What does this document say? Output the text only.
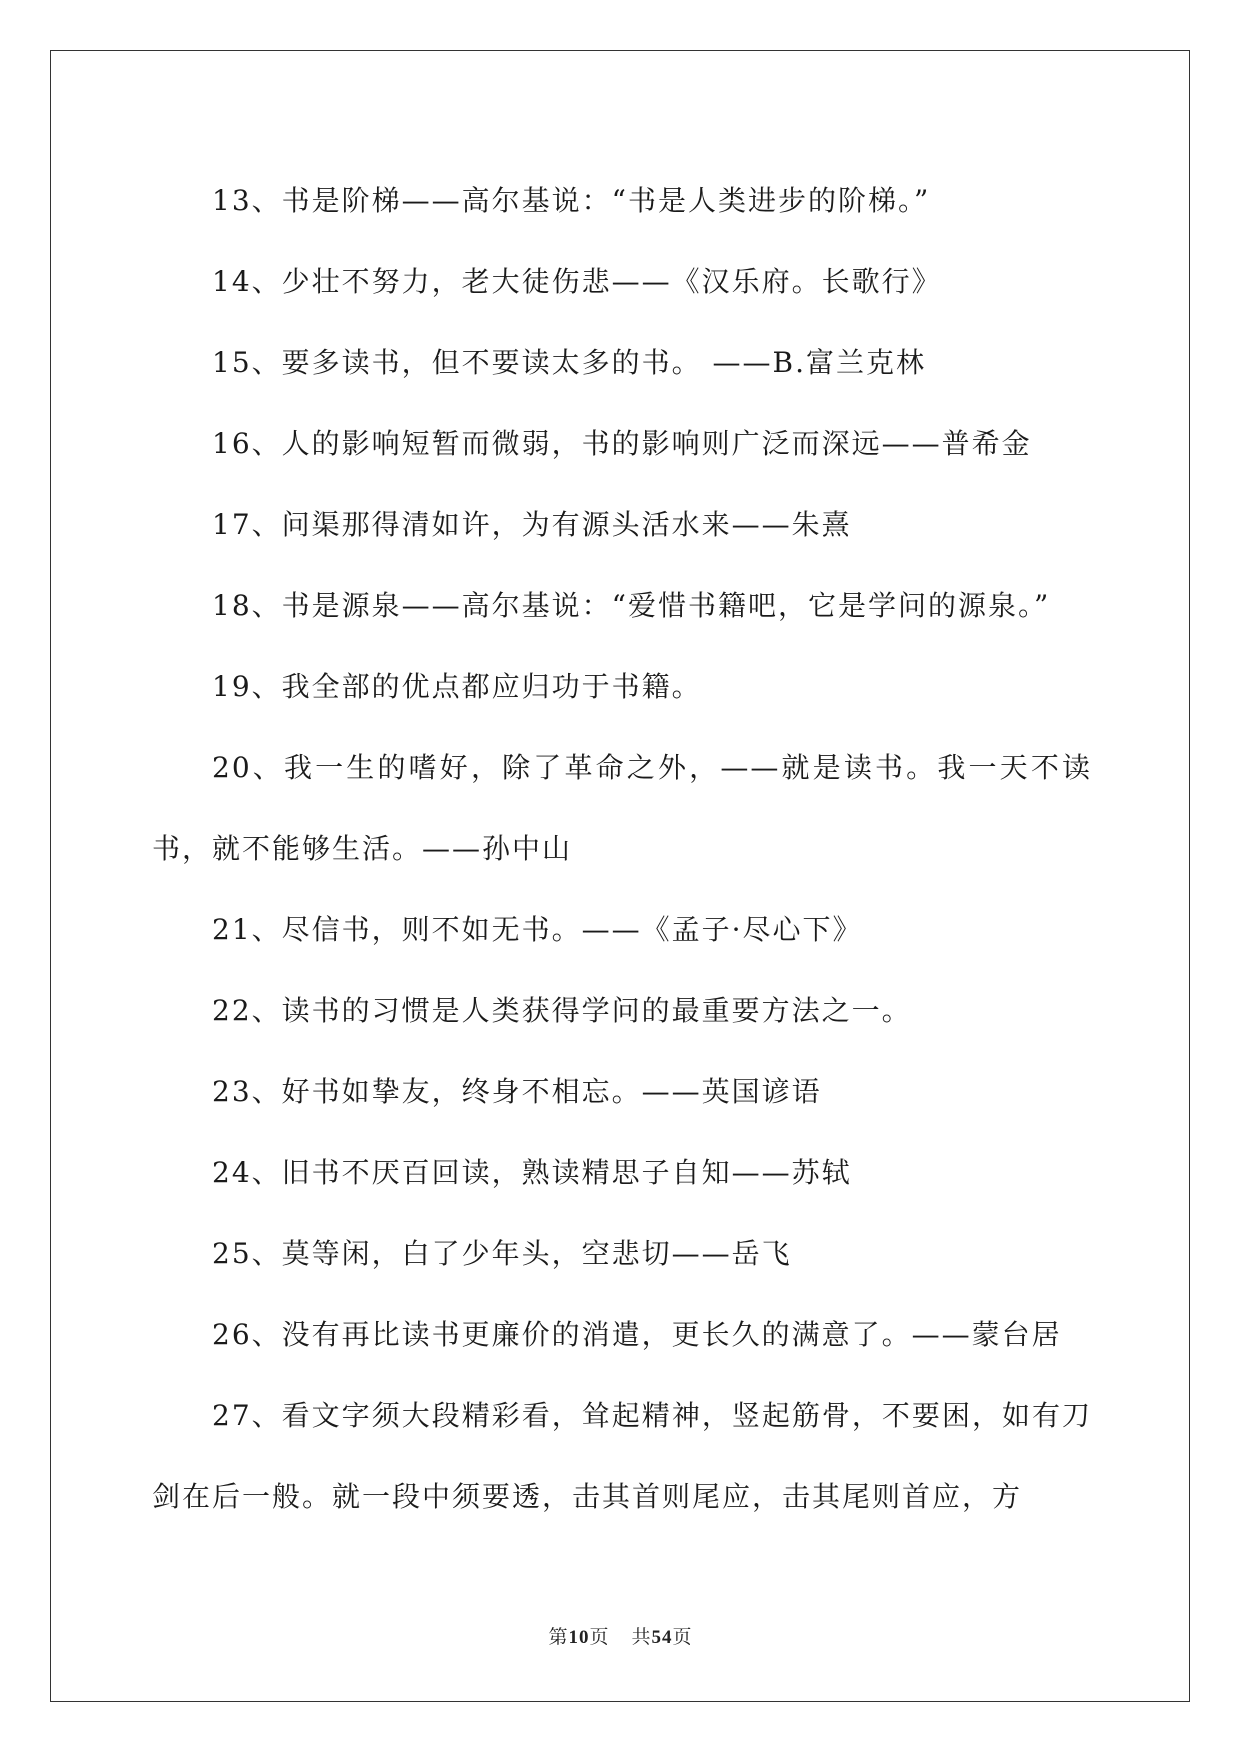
13、书是阶梯——高尔基说：“书是人类进步的阶梯。”

14、少壮不努力，老大徒伤悲——《汉乐府。长歌行》

15、要多读书，但不要读太多的书。 ——B.富兰克林

16、人的影响短暂而微弱，书的影响则广泛而深远——普希金

17、问渠那得清如许，为有源头活水来——朱熹

18、书是源泉——高尔基说：“爱惜书籍吧，它是学问的源泉。”

19、我全部的优点都应归功于书籍。

20、我一生的嗜好，除了革命之外，——就是读书。我一天不读书，就不能够生活。——孙中山

21、尽信书，则不如无书。——《孟子·尽心下》

22、读书的习惯是人类获得学问的最重要方法之一。

23、好书如挚友，终身不相忘。——英国谚语

24、旧书不厌百回读，熟读精思子自知——苏轼

25、莫等闲，白了少年头，空悲切——岳飞

26、没有再比读书更廉价的消遣，更长久的满意了。——蒙台居

27、看文字须大段精彩看，耸起精神，竖起筋骨，不要困，如有刀剑在后一般。就一段中须要透，击其首则尾应，击其尾则首应，方

第10页 共54页
